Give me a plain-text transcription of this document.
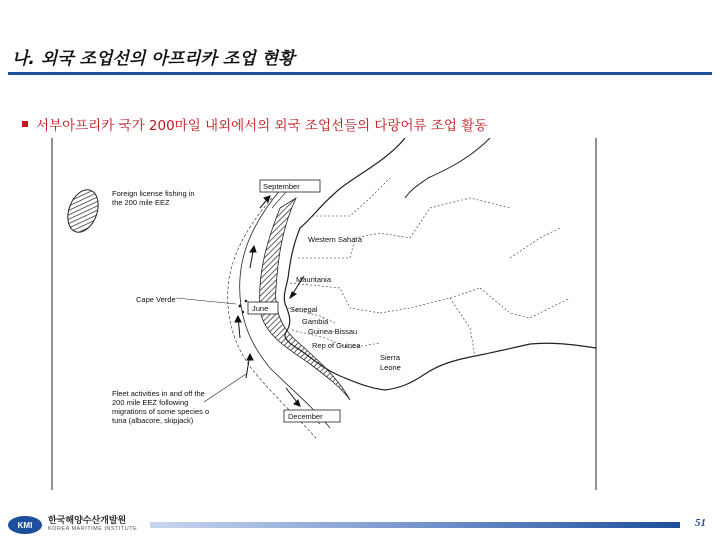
나. 외국 조업선의 아프리카 조업 현황
서부아프리카 국가 200마일 내외에서의 외국 조업선들의 다랑어류 조업 활동
September
Foreign license fishing in
the 200 mile EEZ
Western Sahara
Mauritania
Cape Verde
June	Senegal
Gambia
Guinea-Bissau
Rep of Guinea
Sierra
Leone
Fleet activities in and off the
200 mile EEZ following
migrations of some species o
tuna (albacore, skipjack)	December
KMI	한국해양수산개발원
KOREA MARITIME INSTITUTE	51
